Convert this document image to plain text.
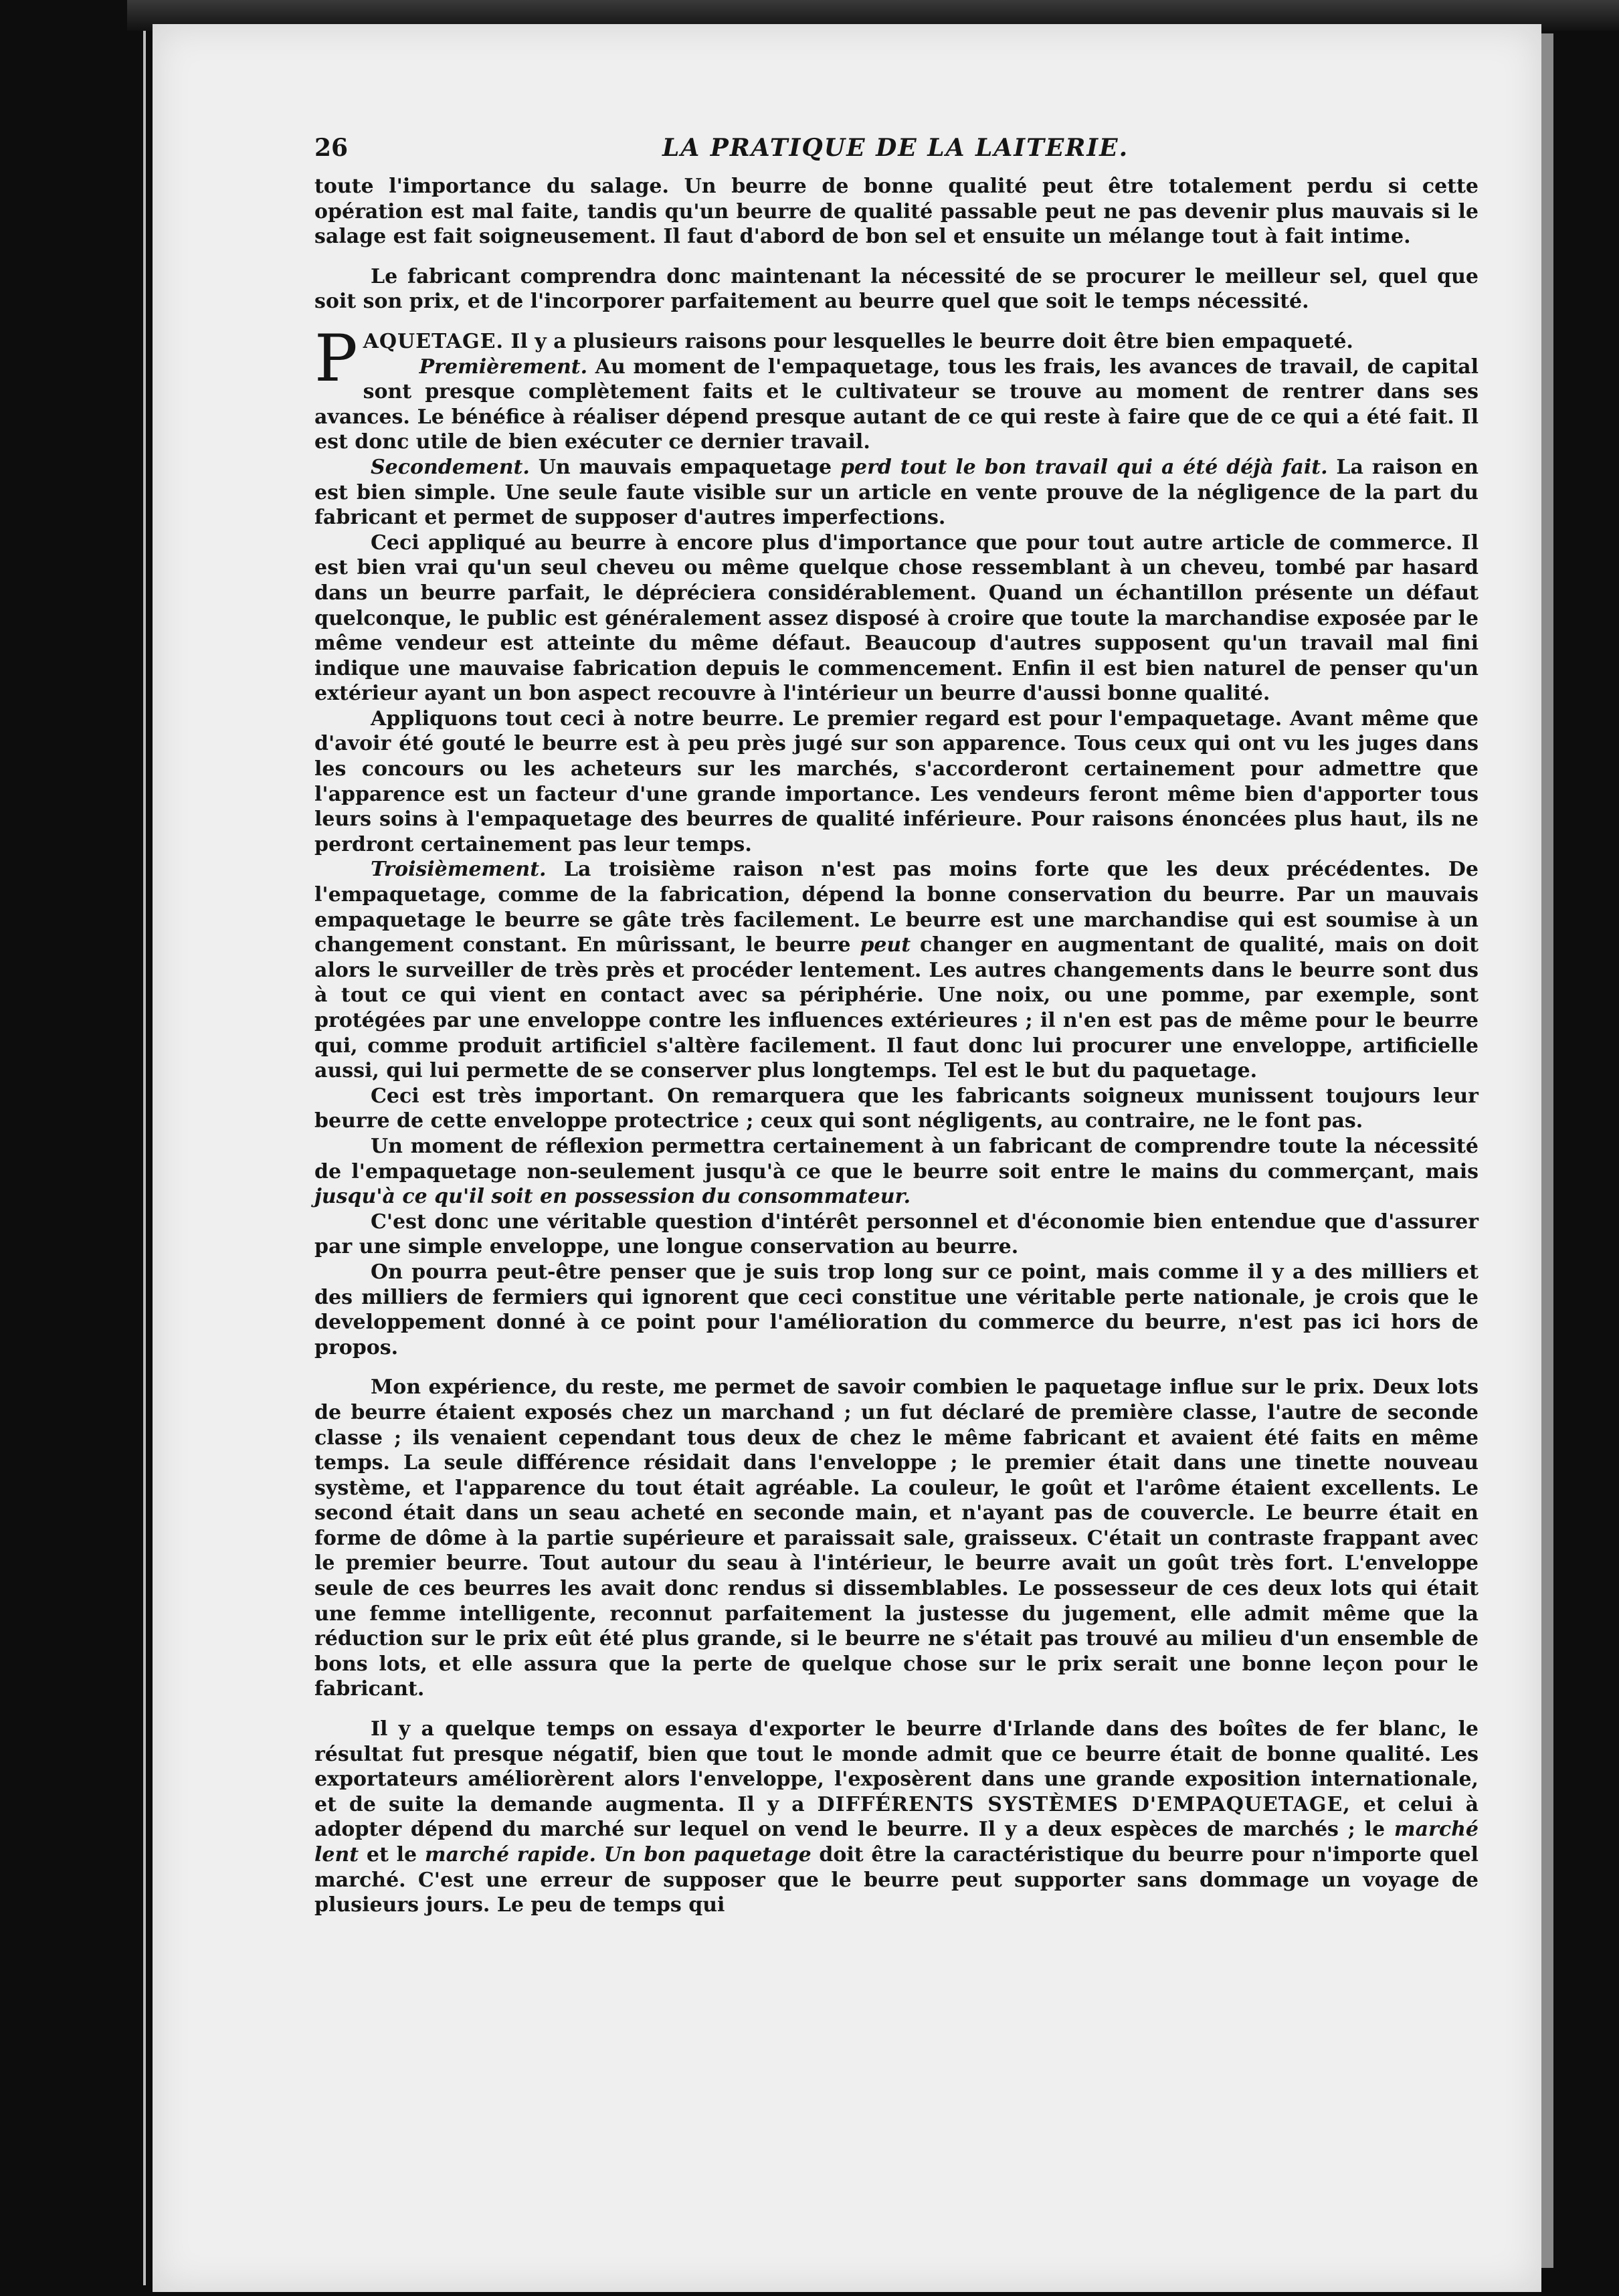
26	LA PRATIQUE DE LA LAITERIE.

toute l'importance du salage. Un beurre de bonne qualité peut être totalement perdu si cette opération est mal faite, tandis qu'un beurre de qualité passable peut ne pas devenir plus mauvais si le salage est fait soigneusement. Il faut d'abord de bon sel et ensuite un mélange tout à fait intime.

Le fabricant comprendra donc maintenant la nécessité de se procurer le meilleur sel, quel que soit son prix, et de l'incorporer parfaitement au beurre quel que soit le temps nécessité.

PAQUETAGE. Il y a plusieurs raisons pour lesquelles le beurre doit être bien empaqueté.

Premièrement. Au moment de l'empaquetage, tous les frais, les avances de travail, de capital sont presque complètement faits et le cultivateur se trouve au moment de rentrer dans ses avances. Le bénéfice à réaliser dépend presque autant de ce qui reste à faire que de ce qui a été fait. Il est donc utile de bien exécuter ce dernier travail.

Secondement. Un mauvais empaquetage perd tout le bon travail qui a été déjà fait. La raison en est bien simple. Une seule faute visible sur un article en vente prouve de la négligence de la part du fabricant et permet de supposer d'autres imperfections.

Ceci appliqué au beurre à encore plus d'importance que pour tout autre article de commerce. Il est bien vrai qu'un seul cheveu ou même quelque chose ressemblant à un cheveu, tombé par hasard dans un beurre parfait, le dépréciera considérablement. Quand un échantillon présente un défaut quelconque, le public est généralement assez disposé à croire que toute la marchandise exposée par le même vendeur est atteinte du même défaut. Beaucoup d'autres supposent qu'un travail mal fini indique une mauvaise fabrication depuis le commencement. Enfin il est bien naturel de penser qu'un extérieur ayant un bon aspect recouvre à l'intérieur un beurre d'aussi bonne qualité.

Appliquons tout ceci à notre beurre. Le premier regard est pour l'empaquetage. Avant même que d'avoir été gouté le beurre est à peu près jugé sur son apparence. Tous ceux qui ont vu les juges dans les concours ou les acheteurs sur les marchés, s'accorderont certainement pour admettre que l'apparence est un facteur d'une grande importance. Les vendeurs feront même bien d'apporter tous leurs soins à l'empaquetage des beurres de qualité inférieure. Pour raisons énoncées plus haut, ils ne perdront certainement pas leur temps.

Troisièmement. La troisième raison n'est pas moins forte que les deux précédentes. De l'empaquetage, comme de la fabrication, dépend la bonne conservation du beurre. Par un mauvais empaquetage le beurre se gâte très facilement. Le beurre est une marchandise qui est soumise à un changement constant. En mûrissant, le beurre peut changer en augmentant de qualité, mais on doit alors le surveiller de très près et procéder lentement. Les autres changements dans le beurre sont dus à tout ce qui vient en contact avec sa périphérie. Une noix, ou une pomme, par exemple, sont protégées par une enveloppe contre les influences extérieures ; il n'en est pas de même pour le beurre qui, comme produit artificiel s'altère facilement. Il faut donc lui procurer une enveloppe, artificielle aussi, qui lui permette de se conserver plus longtemps. Tel est le but du paquetage.

Ceci est très important. On remarquera que les fabricants soigneux munissent toujours leur beurre de cette enveloppe protectrice ; ceux qui sont négligents, au contraire, ne le font pas.

Un moment de réflexion permettra certainement à un fabricant de comprendre toute la nécessité de l'empaquetage non-seulement jusqu'à ce que le beurre soit entre le mains du commerçant, mais jusqu'à ce qu'il soit en possession du consommateur.

C'est donc une véritable question d'intérêt personnel et d'économie bien entendue que d'assurer par une simple enveloppe, une longue conservation au beurre.

On pourra peut-être penser que je suis trop long sur ce point, mais comme il y a des milliers et des milliers de fermiers qui ignorent que ceci constitue une véritable perte nationale, je crois que le developpement donné à ce point pour l'amélioration du commerce du beurre, n'est pas ici hors de propos.

Mon expérience, du reste, me permet de savoir combien le paquetage influe sur le prix. Deux lots de beurre étaient exposés chez un marchand ; un fut déclaré de première classe, l'autre de seconde classe ; ils venaient cependant tous deux de chez le même fabricant et avaient été faits en même temps. La seule différence résidait dans l'enveloppe ; le premier était dans une tinette nouveau système, et l'apparence du tout était agréable. La couleur, le goût et l'arôme étaient excellents. Le second était dans un seau acheté en seconde main, et n'ayant pas de couvercle. Le beurre était en forme de dôme à la partie supérieure et paraissait sale, graisseux. C'était un contraste frappant avec le premier beurre. Tout autour du seau à l'intérieur, le beurre avait un goût très fort. L'enveloppe seule de ces beurres les avait donc rendus si dissemblables. Le possesseur de ces deux lots qui était une femme intelligente, reconnut parfaitement la justesse du jugement, elle admit même que la réduction sur le prix eût été plus grande, si le beurre ne s'était pas trouvé au milieu d'un ensemble de bons lots, et elle assura que la perte de quelque chose sur le prix serait une bonne leçon pour le fabricant.

Il y a quelque temps on essaya d'exporter le beurre d'Irlande dans des boîtes de fer blanc, le résultat fut presque négatif, bien que tout le monde admit que ce beurre était de bonne qualité. Les exportateurs améliorèrent alors l'enveloppe, l'exposèrent dans une grande exposition internationale, et de suite la demande augmenta. Il y a DIFFÉRENTS SYSTÈMES D'EMPAQUETAGE, et celui à adopter dépend du marché sur lequel on vend le beurre. Il y a deux espèces de marchés ; le marché lent et le marché rapide. Un bon paquetage doit être la caractéristique du beurre pour n'importe quel marché. C'est une erreur de supposer que le beurre peut supporter sans dommage un voyage de plusieurs jours. Le peu de temps qui
